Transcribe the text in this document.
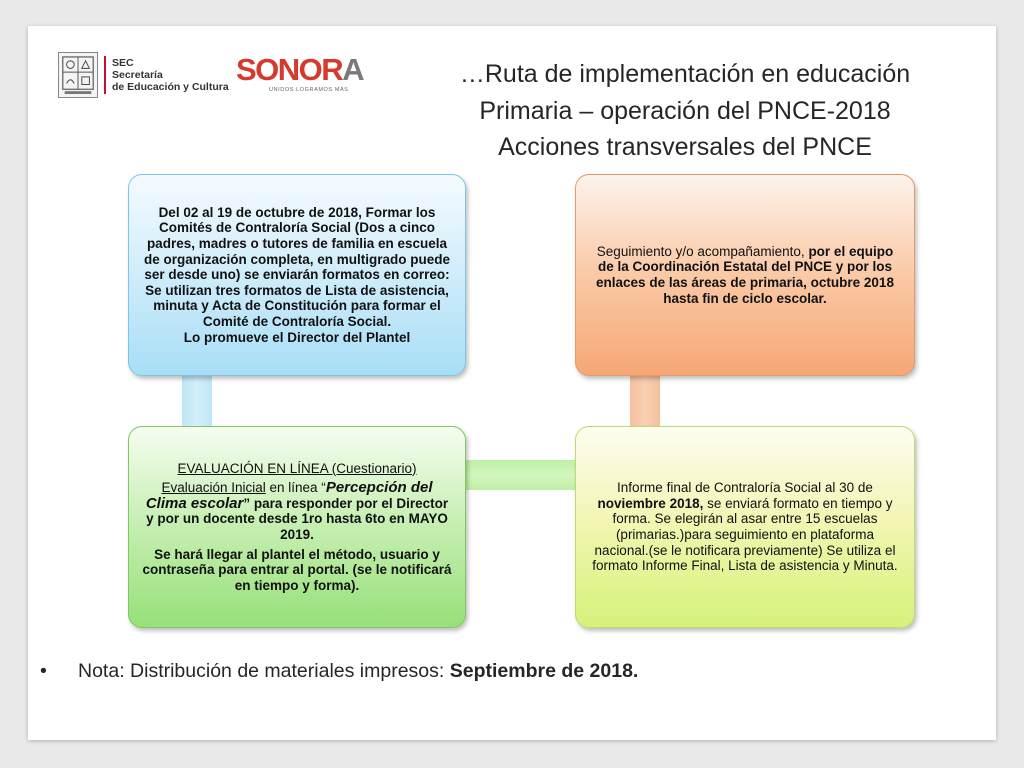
SEC
Secretaría
de Educación y Cultura SONORA
UNIDOS LOGRAMOS MÁS
…Ruta de implementación en educación
Primaria – operación del PNCE-2018
Acciones transversales del PNCE

Del 02 al 19 de octubre de 2018, Formar los Comités de Contraloría Social (Dos a cinco padres, madres o tutores de familia en escuela de organización completa, en multigrado puede ser desde uno) se enviarán formatos en correo: Se utilizan tres formatos de Lista de asistencia, minuta y Acta de Constitución para formar el Comité de Contraloría Social.

Lo promueve el Director del Plantel

Seguimiento y/o acompañamiento, por el equipo de la Coordinación Estatal del PNCE y por los enlaces de las áreas de primaria, octubre 2018 hasta fin de ciclo escolar.

EVALUACIÓN EN LÍNEA (Cuestionario)

Evaluación Inicial en línea “Percepción del Clima escolar” para responder por el Director y por un docente desde 1ro hasta 6to en MAYO 2019.

Se hará llegar al plantel el método, usuario y contraseña para entrar al portal. (se le notificará en tiempo y forma).

Informe final de Contraloría Social al 30 de noviembre 2018, se enviará formato en tiempo y forma. Se elegirán al asar entre 15 escuelas (primarias.)para seguimiento en plataforma nacional.(se le notificara previamente) Se utiliza el formato Informe Final, Lista de asistencia y Minuta.

• Nota: Distribución de materiales impresos: Septiembre de 2018.
